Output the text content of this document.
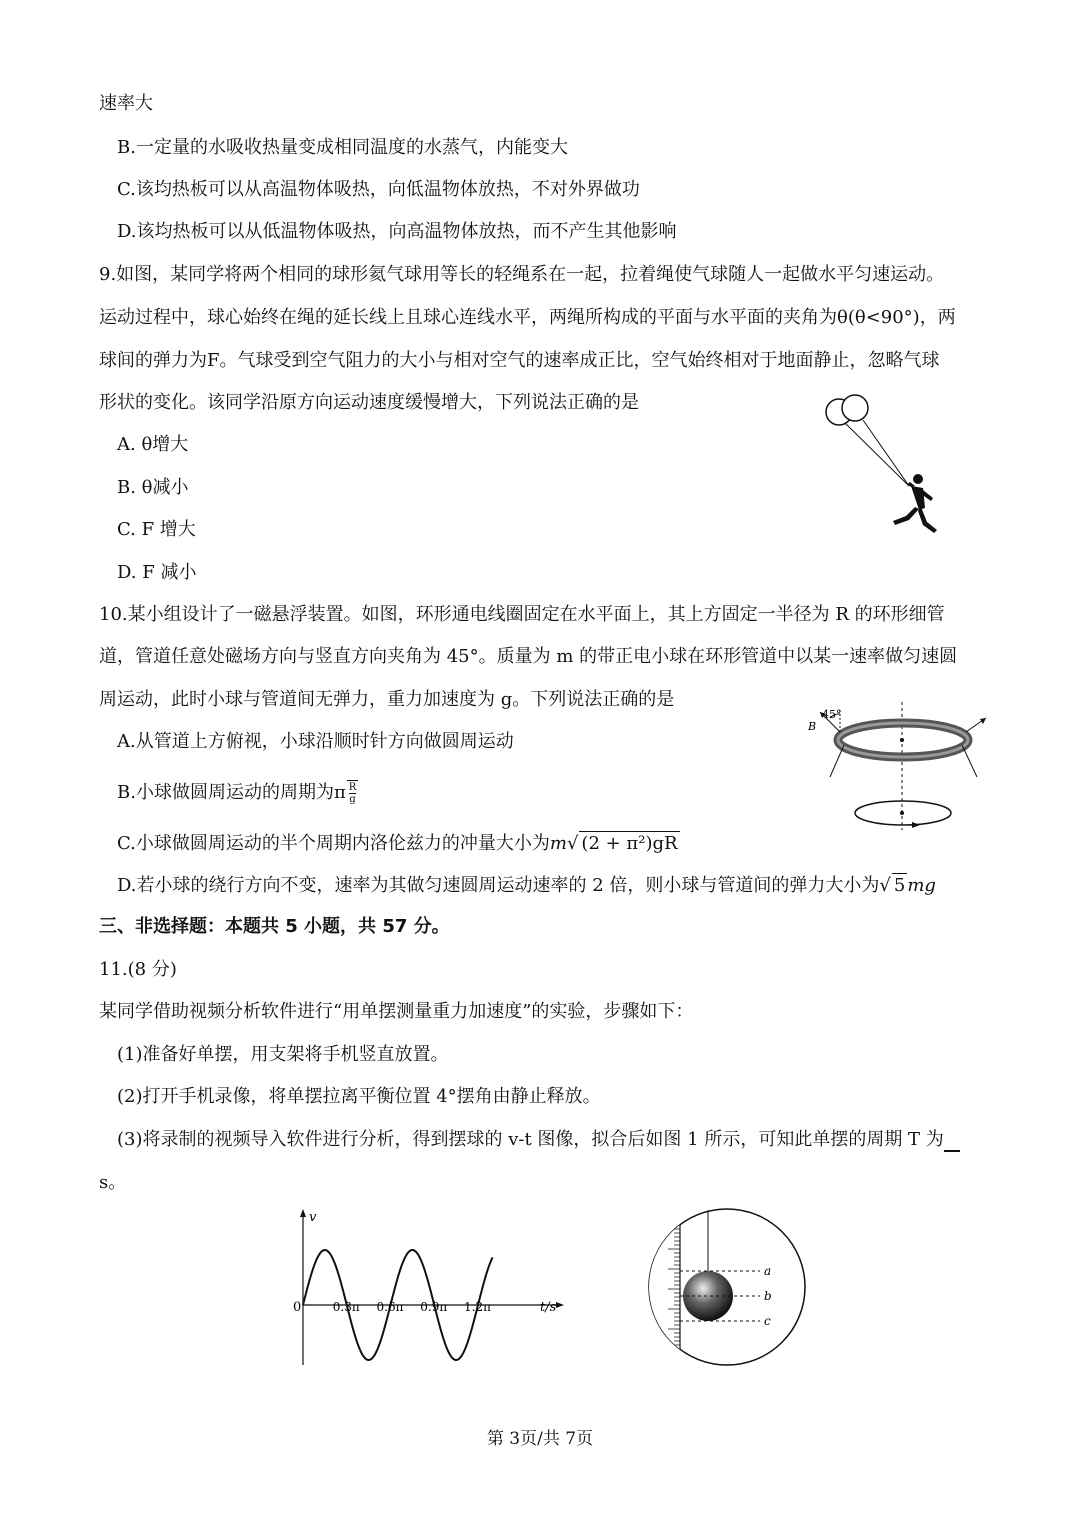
速率大
B.一定量的水吸收热量变成相同温度的水蒸气，内能变大
C.该均热板可以从高温物体吸热，向低温物体放热，不对外界做功
D.该均热板可以从低温物体吸热，向高温物体放热，而不产生其他影响
9.如图，某同学将两个相同的球形氦气球用等长的轻绳系在一起，拉着绳使气球随人一起做水平匀速运动。
运动过程中，球心始终在绳的延长线上且球心连线水平，两绳所构成的平面与水平面的夹角为θ(θ<90°)，两
球间的弹力为F。气球受到空气阻力的大小与相对空气的速率成正比，空气始终相对于地面静止，忽略气球
形状的变化。该同学沿原方向运动速度缓慢增大，下列说法正确的是
A. θ增大
B. θ减小
C. F 增大
D. F 减小
10.某小组设计了一磁悬浮装置。如图，环形通电线圈固定在水平面上，其上方固定一半径为 R 的环形细管
道，管道任意处磁场方向与竖直方向夹角为 45°。质量为 m 的带正电小球在环形管道中以某一速率做匀速圆
周运动，此时小球与管道间无弹力，重力加速度为 g。下列说法正确的是
A.从管道上方俯视，小球沿顺时针方向做圆周运动
B.小球做圆周运动的周期为π $\frac{R}{g}$
C.小球做圆周运动的半个周期内洛伦兹力的冲量大小为m√ (2 + π²)gR
D.若小球的绕行方向不变，速率为其做匀速圆周运动速率的 2 倍，则小球与管道间的弹力大小为√ 5 mg
45°
B
三、非选择题：本题共 5 小题，共 57 分。
11.(8 分)
某同学借助视频分析软件进行“用单摆测量重力加速度”的实验，步骤如下：
(1)准备好单摆，用支架将手机竖直放置。
(2)打开手机录像，将单摆拉离平衡位置 4°摆角由静止释放。
(3)将录制的视频导入软件进行分析，得到摆球的 v-t 图像，拟合后如图 1 所示，可知此单摆的周期 T 为
s。
v
t/s
0	0.3π 0.6π 0.9π 1.2π
a
b
c
第 3页/共 7页
